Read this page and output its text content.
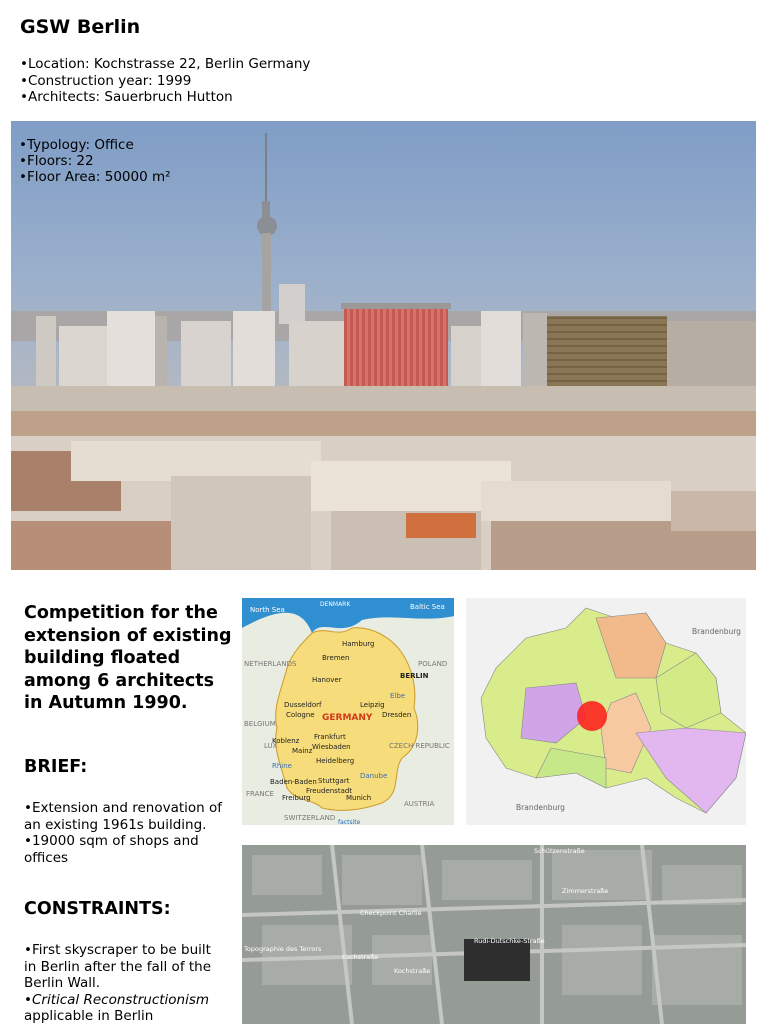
GSW Berlin
•Location: Kochstrasse 22, Berlin Germany
•Construction year: 1999
•Architects: Sauerbruch Hutton
•Typology: Office
•Floors: 22
•Floor Area: 50000 m²
Competition for the extension of existing building floated among 6 architects in Autumn 1990.
BRIEF:
•Extension and renovation of an existing 1961s building.
•19000 sqm of shops and offices
CONSTRAINTS:
•First skyscraper to be built in Berlin after the fall of the Berlin Wall.
•Critical Reconstructionism
applicable in Berlin
North Sea	Baltic Sea
GERMANY
NETHERLANDS
BELGIUM
LUX
FRANCE
SWITZERLAND
AUSTRIA
CZECH REPUBLIC
POLAND
DENMARK
Hamburg
Bremen
Hanover	BERLIN
Dusseldorf
Cologne
Leipzig
Dresden
Koblenz Frankfurt
Mainz Wiesbaden
Heidelberg
Baden-Baden Stuttgart
Freiburg
Freudenstadt
Munich
Elbe
Danube
Rhine
factsite
Brandenburg
Brandenburg
Schützenstraße
Zimmerstraße
Checkpoint Charlie
Kochstraße
Rudi-Dutschke-Straße
Topographie des Terrors
Kochstraße
